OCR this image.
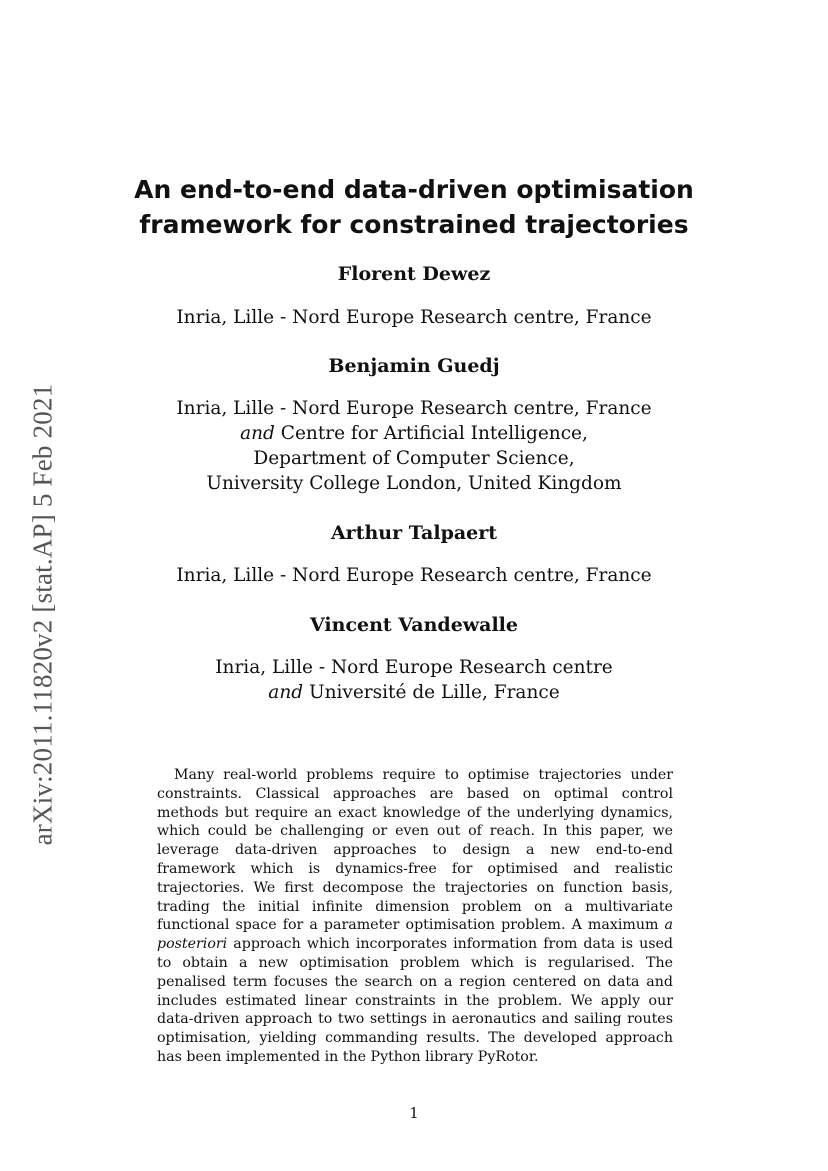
arXiv:2011.11820v2 [stat.AP] 5 Feb 2021
An end-to-end data-driven optimisation
framework for constrained trajectories
Florent Dewez
Inria, Lille - Nord Europe Research centre, France
Benjamin Guedj
Inria, Lille - Nord Europe Research centre, France
and Centre for Artificial Intelligence,
Department of Computer Science,
University College London, United Kingdom
Arthur Talpaert
Inria, Lille - Nord Europe Research centre, France
Vincent Vandewalle
Inria, Lille - Nord Europe Research centre
and Université de Lille, France

Many real-world problems require to optimise trajectories under constraints. Classical approaches are based on optimal control methods but require an exact knowledge of the underlying dynamics, which could be challenging or even out of reach. In this paper, we leverage data-driven approaches to design a new end-to-end framework which is dynamics-free for optimised and realistic trajectories. We first decompose the trajectories on function basis, trading the initial infinite dimension problem on a multivariate functional space for a parameter optimisation problem. A maximum a posteriori approach which incorporates information from data is used to obtain a new optimisation problem which is regularised. The penalised term focuses the search on a region centered on data and includes estimated linear constraints in the problem. We apply our data-driven approach to two settings in aeronautics and sailing routes optimisation, yielding commanding results. The developed approach has been implemented in the Python library PyRotor.

1
